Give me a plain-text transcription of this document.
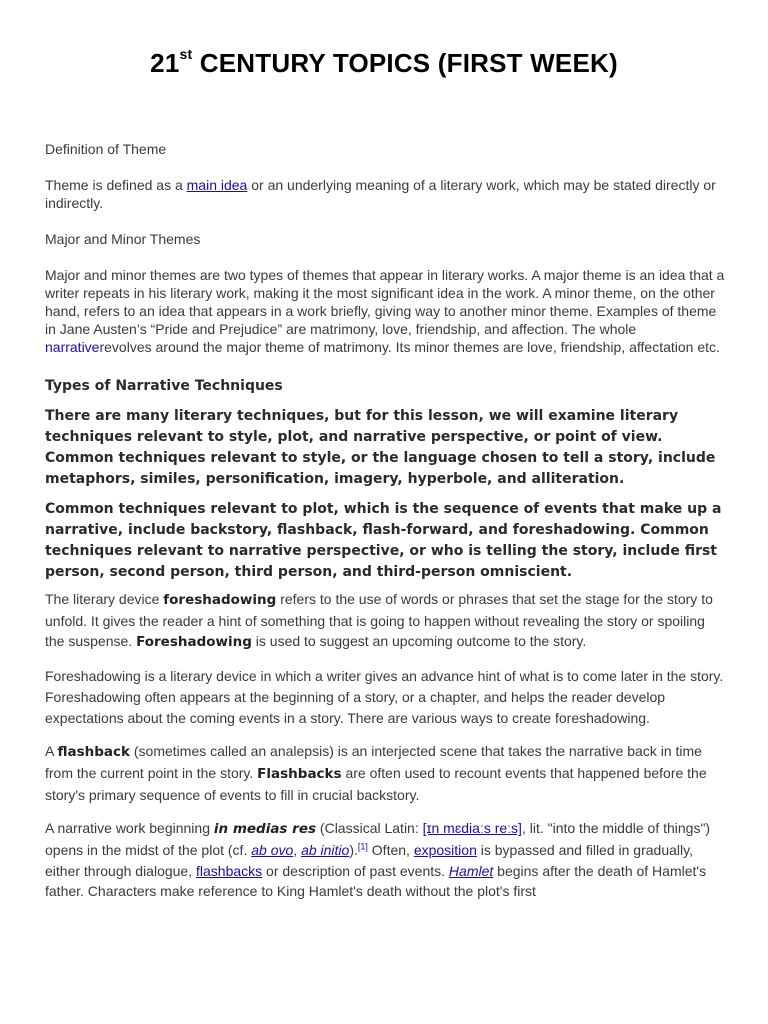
21st CENTURY TOPICS (FIRST WEEK)

Definition of Theme

Theme is defined as a main idea or an underlying meaning of a literary work, which may be stated directly or indirectly.

Major and Minor Themes

Major and minor themes are two types of themes that appear in literary works. A major theme is an idea that a writer repeats in his literary work, making it the most significant idea in the work. A minor theme, on the other hand, refers to an idea that appears in a work briefly, giving way to another minor theme. Examples of theme in Jane Austen’s “Pride and Prejudice” are matrimony, love, friendship, and affection. The whole narrativerevolves around the major theme of matrimony. Its minor themes are love, friendship, affectation etc.

Types of Narrative Techniques

There are many literary techniques, but for this lesson, we will examine literary techniques relevant to style, plot, and narrative perspective, or point of view. Common techniques relevant to style, or the language chosen to tell a story, include metaphors, similes, personification, imagery, hyperbole, and alliteration.

Common techniques relevant to plot, which is the sequence of events that make up a narrative, include backstory, flashback, flash-forward, and foreshadowing. Common techniques relevant to narrative perspective, or who is telling the story, include first person, second person, third person, and third-person omniscient.

The literary device foreshadowing refers to the use of words or phrases that set the stage for the story to unfold. It gives the reader a hint of something that is going to happen without revealing the story or spoiling the suspense. Foreshadowing is used to suggest an upcoming outcome to the story.

Foreshadowing is a literary device in which a writer gives an advance hint of what is to come later in the story. Foreshadowing often appears at the beginning of a story, or a chapter, and helps the reader develop expectations about the coming events in a story. There are various ways to create foreshadowing.

A flashback (sometimes called an analepsis) is an interjected scene that takes the narrative back in time from the current point in the story. Flashbacks are often used to recount events that happened before the story's primary sequence of events to fill in crucial backstory.

A narrative work beginning in medias res (Classical Latin: [ɪn mɛdiaːs reːs], lit. "into the middle of things") opens in the midst of the plot (cf. ab ovo, ab initio).[1] Often, exposition is bypassed and filled in gradually, either through dialogue, flashbacks or description of past events. Hamlet begins after the death of Hamlet's father. Characters make reference to King Hamlet's death without the plot's first
